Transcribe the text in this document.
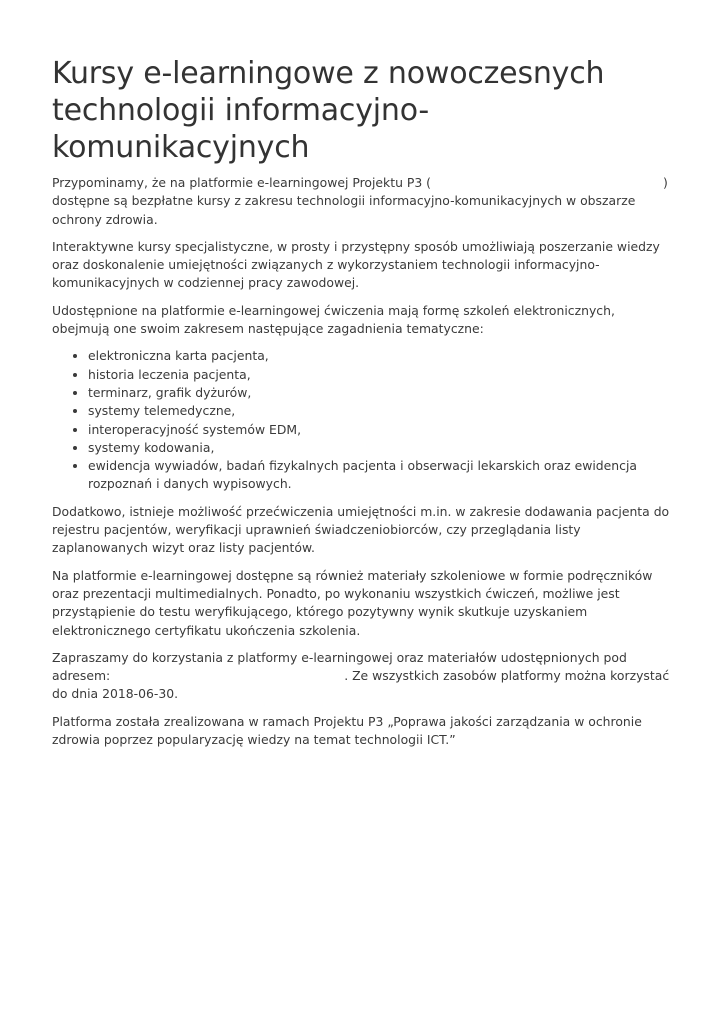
Kursy e-learningowe z nowoczesnych technologii informacyjno-komunikacyjnych

Przypominamy, że na platformie e-learningowej Projektu P3 (	) dostępne są bezpłatne kursy z zakresu technologii informacyjno-komunikacyjnych w obszarze ochrony zdrowia.

Interaktywne kursy specjalistyczne, w prosty i przystępny sposób umożliwiają poszerzanie wiedzy oraz doskonalenie umiejętności związanych z wykorzystaniem technologii informacyjno-komunikacyjnych w codziennej pracy zawodowej.

Udostępnione na platformie e-learningowej ćwiczenia mają formę szkoleń elektronicznych, obejmują one swoim zakresem następujące zagadnienia tematyczne:

• elektroniczna karta pacjenta,
• historia leczenia pacjenta,
• terminarz, grafik dyżurów,
• systemy telemedyczne,
• interoperacyjność systemów EDM,
• systemy kodowania,
• ewidencja wywiadów, badań fizykalnych pacjenta i obserwacji lekarskich oraz ewidencja rozpoznań i danych wypisowych.

Dodatkowo, istnieje możliwość przećwiczenia umiejętności m.in. w zakresie dodawania pacjenta do rejestru pacjentów, weryfikacji uprawnień świadczeniobiorców, czy przeglądania listy zaplanowanych wizyt oraz listy pacjentów.

Na platformie e-learningowej dostępne są również materiały szkoleniowe w formie podręczników oraz prezentacji multimedialnych. Ponadto, po wykonaniu wszystkich ćwiczeń, możliwe jest przystąpienie do testu weryfikującego, którego pozytywny wynik skutkuje uzyskaniem elektronicznego certyfikatu ukończenia szkolenia.

Zapraszamy do korzystania z platformy e-learningowej oraz materiałów udostępnionych pod adresem:	. Ze wszystkich zasobów platformy można korzystać do dnia 2018-06-30.

Platforma została zrealizowana w ramach Projektu P3 „Poprawa jakości zarządzania w ochronie zdrowia poprzez popularyzację wiedzy na temat technologii ICT.”
